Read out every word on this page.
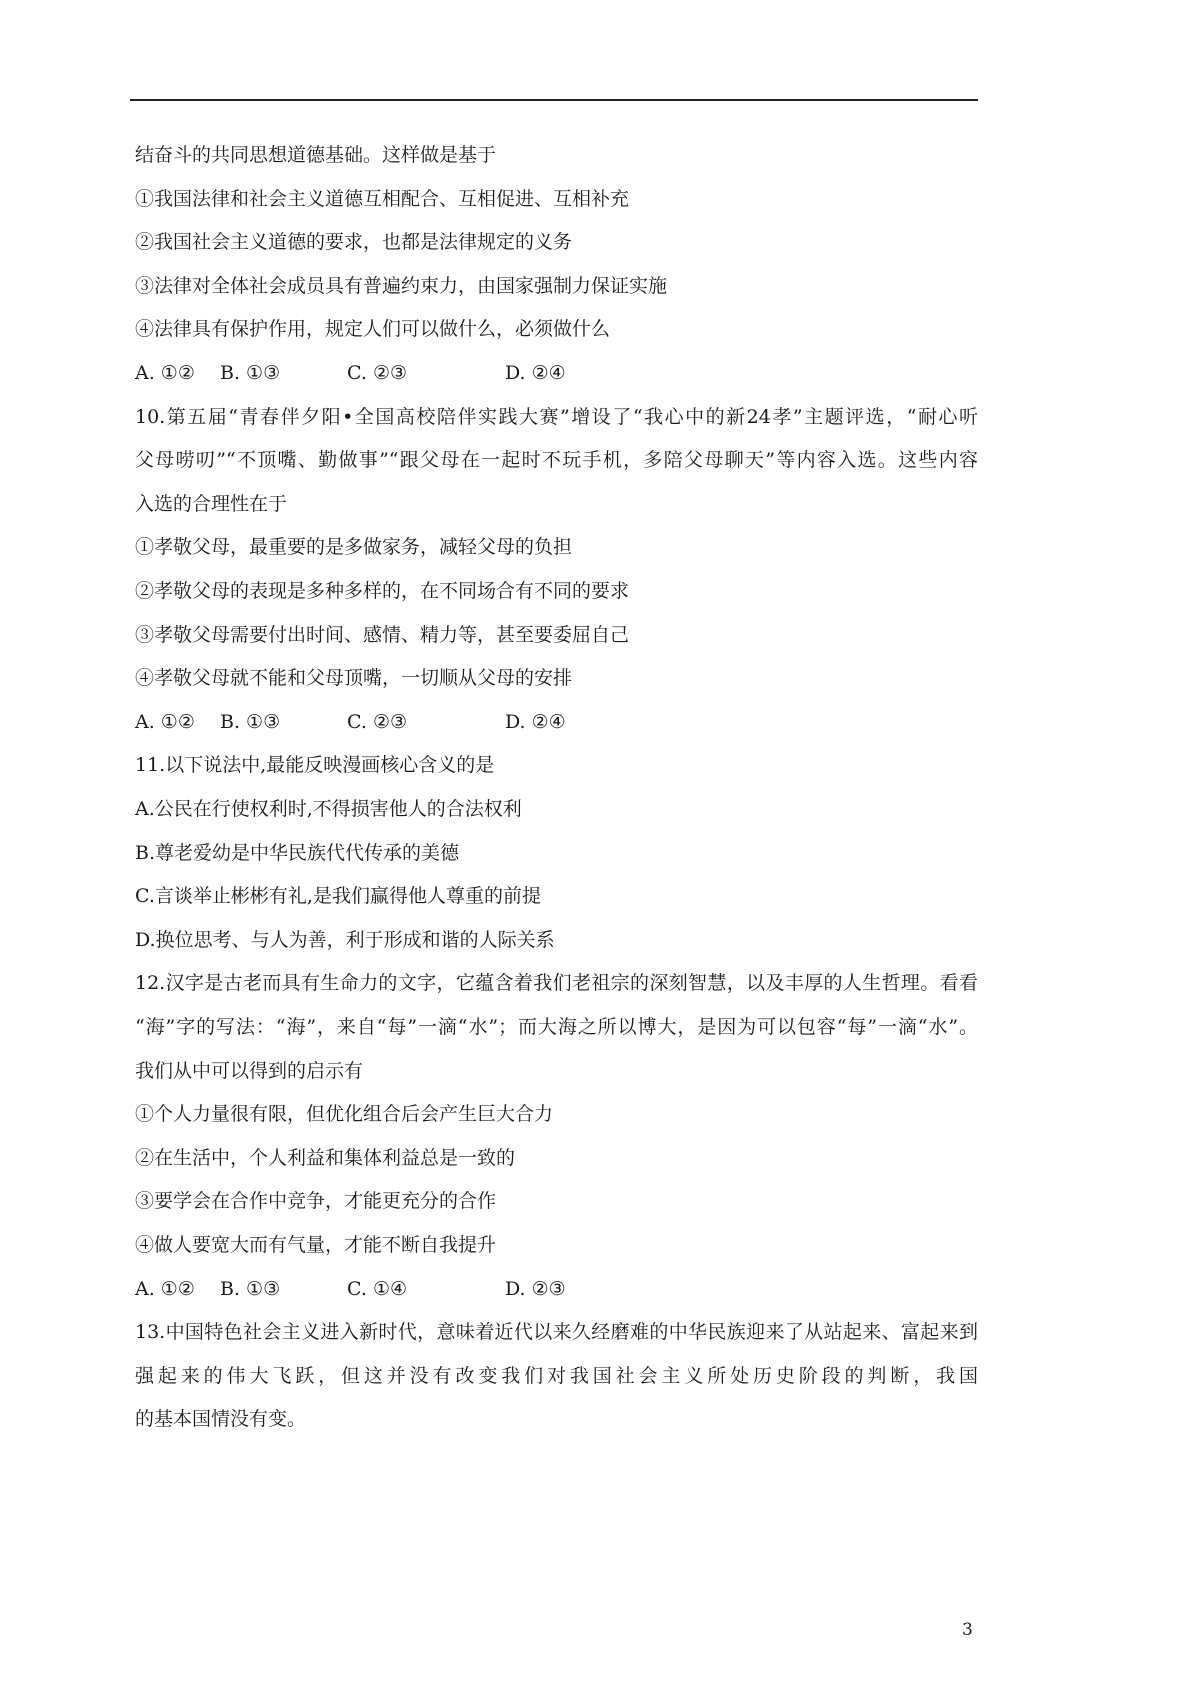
结奋斗的共同思想道德基础。这样做是基于
①我国法律和社会主义道德互相配合、互相促进、互相补充
②我国社会主义道德的要求，也都是法律规定的义务
③法律对全体社会成员具有普遍约束力，由国家强制力保证实施
④法律具有保护作用，规定人们可以做什么，必须做什么
A. ①② B. ①③	C. ②③	D. ②④
10.第五届“青春伴夕阳•全国高校陪伴实践大赛”增设了“我心中的新24孝”主题评选，“耐心听
父母唠叨”“不顶嘴、勤做事”“跟父母在一起时不玩手机，多陪父母聊天”等内容入选。这些内容
入选的合理性在于
①孝敬父母，最重要的是多做家务，减轻父母的负担
②孝敬父母的表现是多种多样的，在不同场合有不同的要求
③孝敬父母需要付出时间、感情、精力等，甚至要委屈自己
④孝敬父母就不能和父母顶嘴，一切顺从父母的安排
A. ①② B. ①③	C. ②③	D. ②④
11.以下说法中,最能反映漫画核心含义的是
A.公民在行使权利时,不得损害他人的合法权利
B.尊老爱幼是中华民族代代传承的美德
C.言谈举止彬彬有礼,是我们赢得他人尊重的前提
D.换位思考、与人为善，利于形成和谐的人际关系
12.汉字是古老而具有生命力的文字，它蕴含着我们老祖宗的深刻智慧，以及丰厚的人生哲理。看看
“海”字的写法：“海”，来自“每”一滴“水”；而大海之所以博大，是因为可以包容“每”一滴“水”。
我们从中可以得到的启示有
①个人力量很有限，但优化组合后会产生巨大合力
②在生活中，个人利益和集体利益总是一致的
③要学会在合作中竞争，才能更充分的合作
④做人要宽大而有气量，才能不断自我提升
A. ①② B. ①③	C. ①④	D. ②③
13.中国特色社会主义进入新时代，意味着近代以来久经磨难的中华民族迎来了从站起来、富起来到
强起来的伟大飞跃，但这并没有改变我们对我国社会主义所处历史阶段的判断，我国
的基本国情没有变。
3
